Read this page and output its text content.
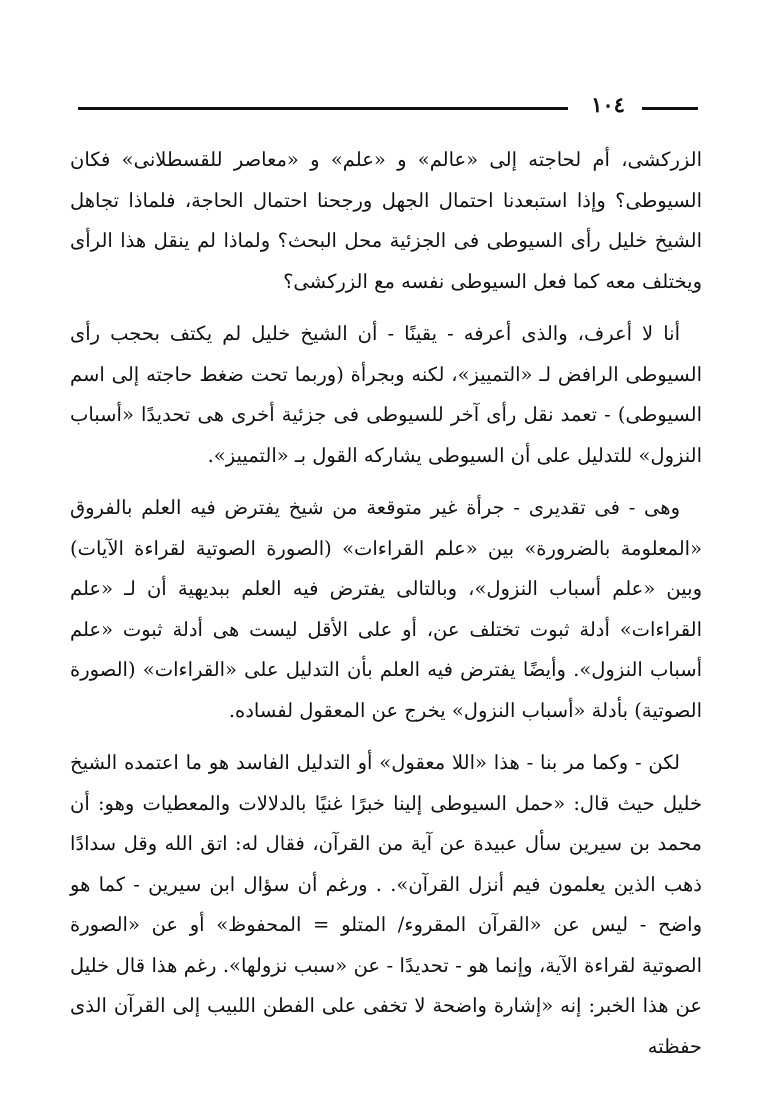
١٠٤

الزركشى، أم لحاجته إلى «عالم» و «علم» و «معاصر للقسطلانى» فكان السيوطى؟ وإذا استبعدنا احتمال الجهل ورجحنا احتمال الحاجة، فلماذا تجاهل الشيخ خليل رأى السيوطى فى الجزئية محل البحث؟ ولماذا لم ينقل هذا الرأى ويختلف معه كما فعل السيوطى نفسه مع الزركشى؟

أنا لا أعرف، والذى أعرفه - يقينًا - أن الشيخ خليل لم يكتف بحجب رأى السيوطى الرافض لـ «التمييز»، لكنه وبجرأة (وربما تحت ضغط حاجته إلى اسم السيوطى) - تعمد نقل رأى آخر للسيوطى فى جزئية أخرى هى تحديدًا «أسباب النزول» للتدليل على أن السيوطى يشاركه القول بـ «التمييز».

وهى - فى تقديرى - جرأة غير متوقعة من شيخ يفترض فيه العلم بالفروق «المعلومة بالضرورة» بين «علم القراءات» (الصورة الصوتية لقراءة الآيات) وبين «علم أسباب النزول»، وبالتالى يفترض فيه العلم ببديهية أن لـ «علم القراءات» أدلة ثبوت تختلف عن، أو على الأقل ليست هى أدلة ثبوت «علم أسباب النزول». وأيضًا يفترض فيه العلم بأن التدليل على «القراءات» (الصورة الصوتية) بأدلة «أسباب النزول» يخرج عن المعقول لفساده.

لكن - وكما مر بنا - هذا «اللا معقول» أو التدليل الفاسد هو ما اعتمده الشيخ خليل حيث قال: «حمل السيوطى إلينا خبرًا غنيًا بالدلالات والمعطيات وهو: أن محمد بن سيرين سأل عبيدة عن آية من القرآن، فقال له: اتق الله وقل سدادًا ذهب الذين يعلمون فيم أنزل القرآن». . ورغم أن سؤال ابن سيرين - كما هو واضح - ليس عن «القرآن المقروء/ المتلو = المحفوظ» أو عن «الصورة الصوتية لقراءة الآية، وإنما هو - تحديدًا - عن «سبب نزولها». رغم هذا قال خليل عن هذا الخبر: إنه «إشارة واضحة لا تخفى على الفطن اللبيب إلى القرآن الذى حفظته
